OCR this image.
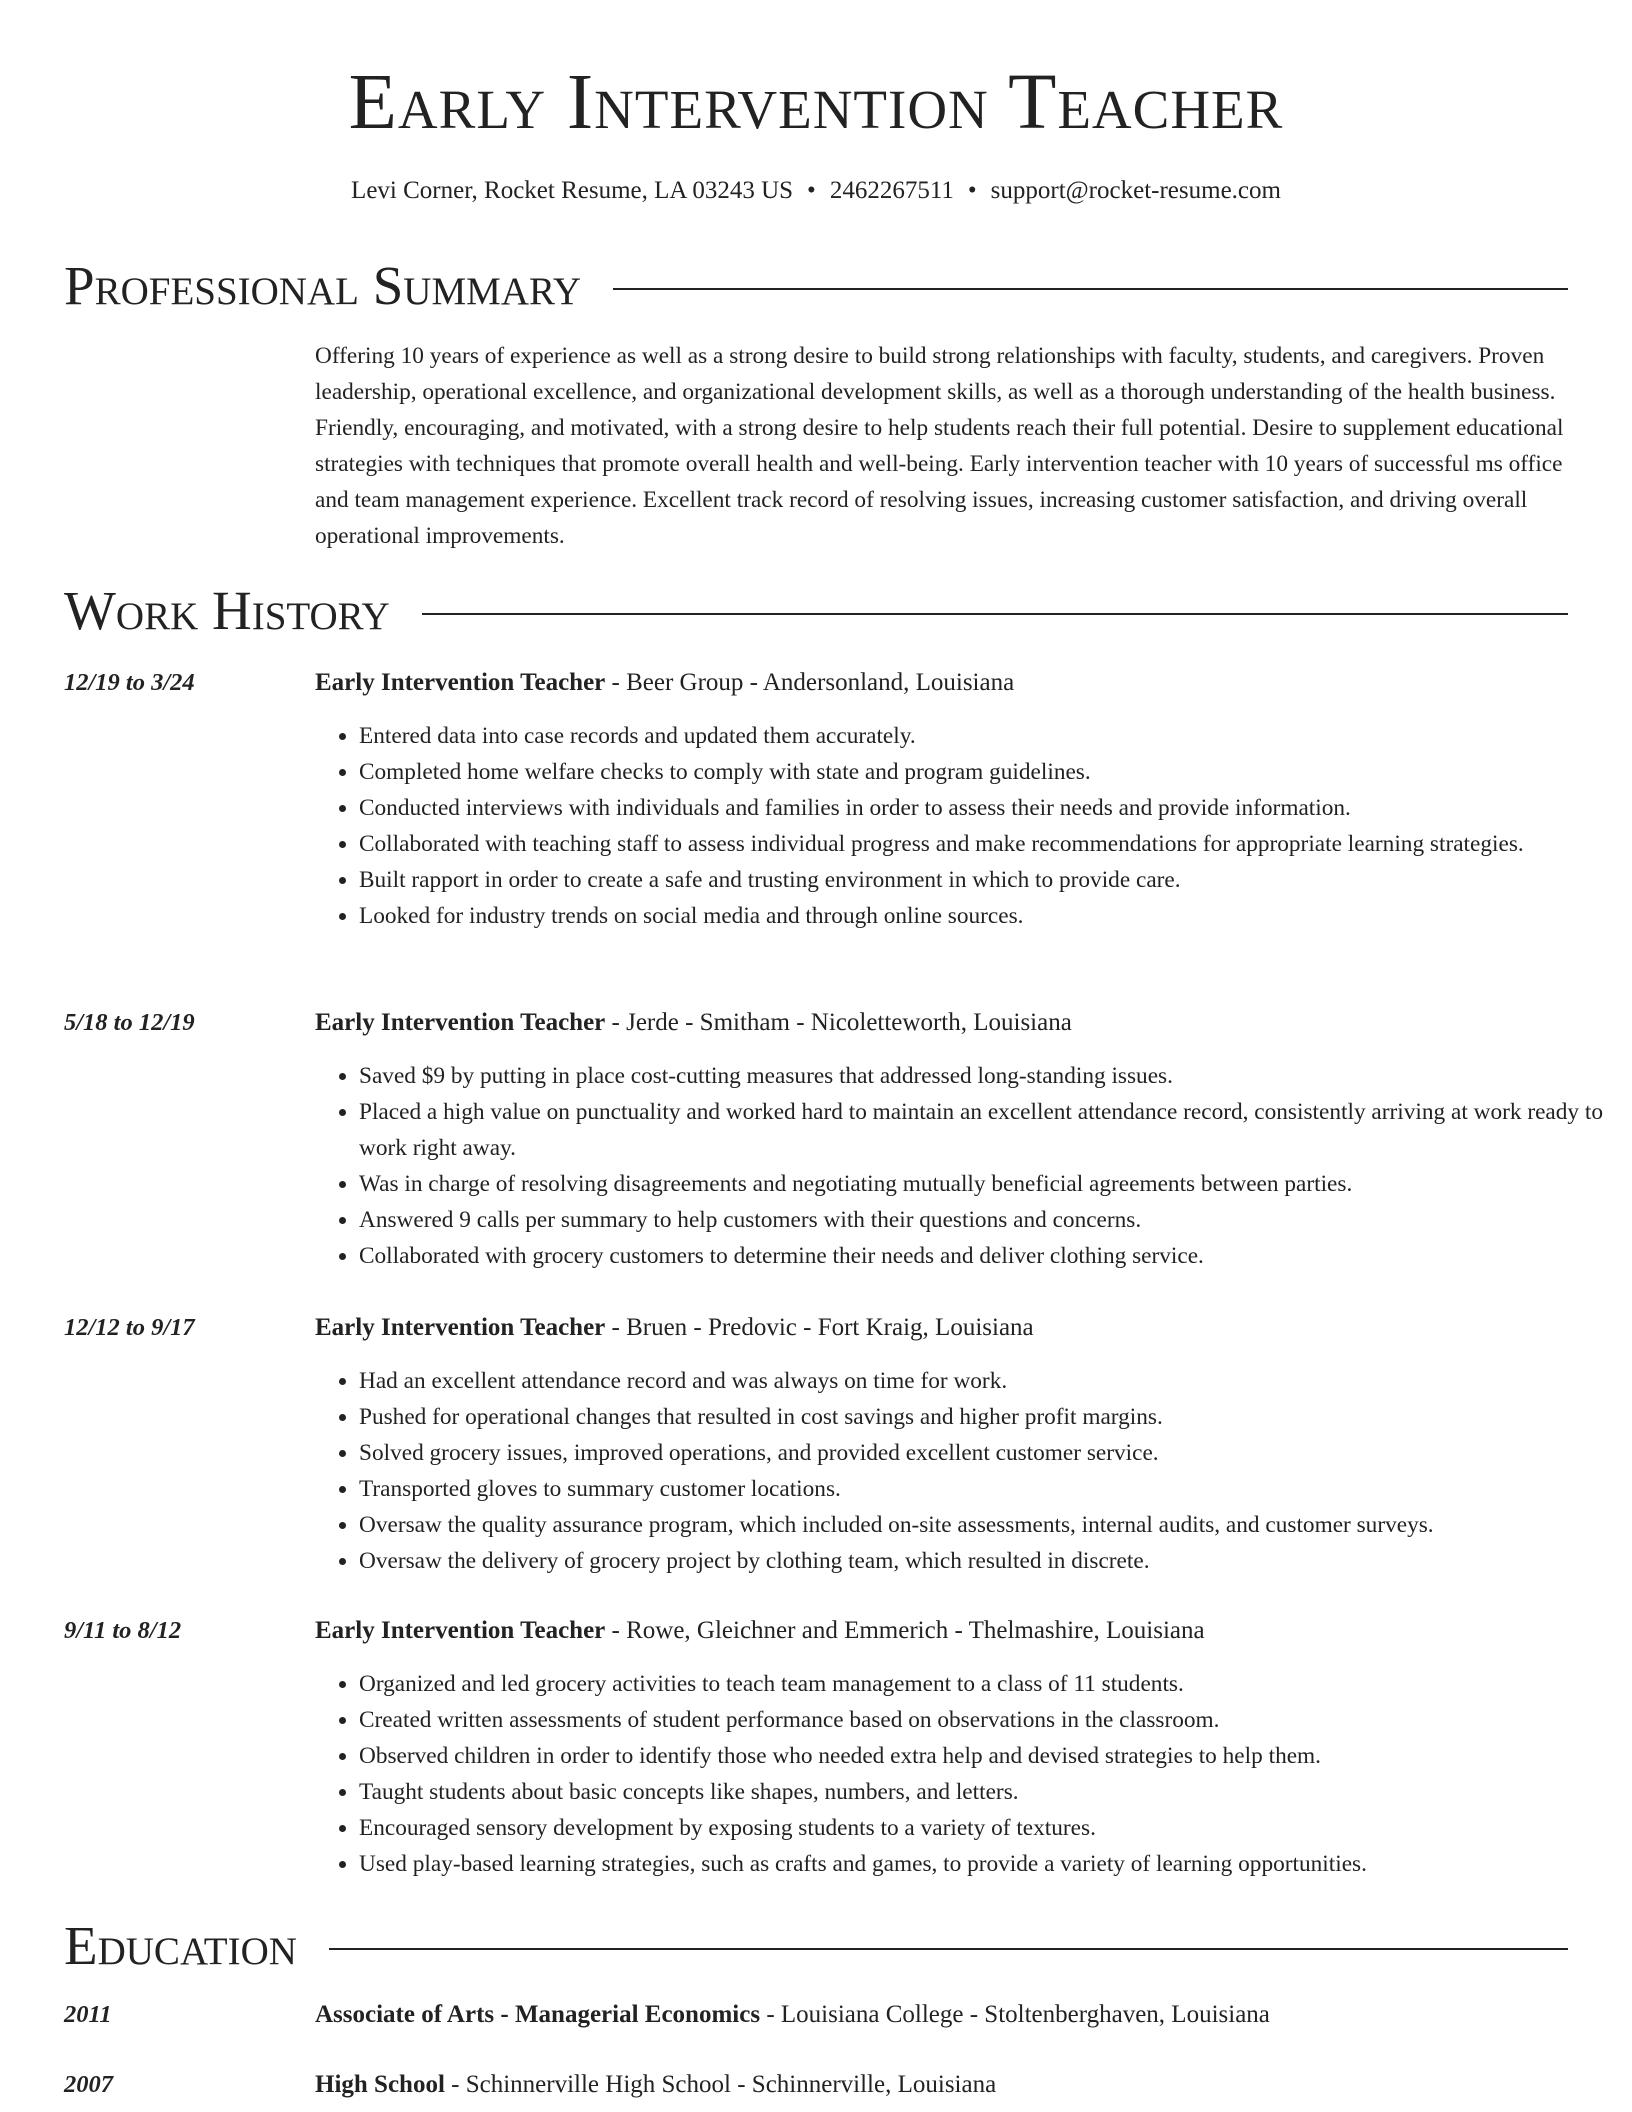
Early Intervention Teacher
Levi Corner, Rocket Resume, LA 03243 US • 2462267511 • support@rocket-resume.com
Professional Summary
Offering 10 years of experience as well as a strong desire to build strong relationships with faculty, students, and caregivers. Proven leadership, operational excellence, and organizational development skills, as well as a thorough understanding of the health business. Friendly, encouraging, and motivated, with a strong desire to help students reach their full potential. Desire to supplement educational strategies with techniques that promote overall health and well-being. Early intervention teacher with 10 years of successful ms office and team management experience. Excellent track record of resolving issues, increasing customer satisfaction, and driving overall operational improvements.
Work History
12/19 to 3/24	Early Intervention Teacher - Beer Group - Andersonland, Louisiana
• Entered data into case records and updated them accurately.
• Completed home welfare checks to comply with state and program guidelines.
• Conducted interviews with individuals and families in order to assess their needs and provide information.
• Collaborated with teaching staff to assess individual progress and make recommendations for appropriate learning strategies.
• Built rapport in order to create a safe and trusting environment in which to provide care.
• Looked for industry trends on social media and through online sources.
5/18 to 12/19	Early Intervention Teacher - Jerde - Smitham - Nicoletteworth, Louisiana
• Saved $9 by putting in place cost-cutting measures that addressed long-standing issues.
• Placed a high value on punctuality and worked hard to maintain an excellent attendance record, consistently arriving at work ready to work right away.
• Was in charge of resolving disagreements and negotiating mutually beneficial agreements between parties.
• Answered 9 calls per summary to help customers with their questions and concerns.
• Collaborated with grocery customers to determine their needs and deliver clothing service.
12/12 to 9/17	Early Intervention Teacher - Bruen - Predovic - Fort Kraig, Louisiana
• Had an excellent attendance record and was always on time for work.
• Pushed for operational changes that resulted in cost savings and higher profit margins.
• Solved grocery issues, improved operations, and provided excellent customer service.
• Transported gloves to summary customer locations.
• Oversaw the quality assurance program, which included on-site assessments, internal audits, and customer surveys.
• Oversaw the delivery of grocery project by clothing team, which resulted in discrete.
9/11 to 8/12	Early Intervention Teacher - Rowe, Gleichner and Emmerich - Thelmashire, Louisiana
• Organized and led grocery activities to teach team management to a class of 11 students.
• Created written assessments of student performance based on observations in the classroom.
• Observed children in order to identify those who needed extra help and devised strategies to help them.
• Taught students about basic concepts like shapes, numbers, and letters.
• Encouraged sensory development by exposing students to a variety of textures.
• Used play-based learning strategies, such as crafts and games, to provide a variety of learning opportunities.
Education
2011	Associate of Arts - Managerial Economics - Louisiana College - Stoltenberghaven, Louisiana
2007	High School - Schinnerville High School - Schinnerville, Louisiana
